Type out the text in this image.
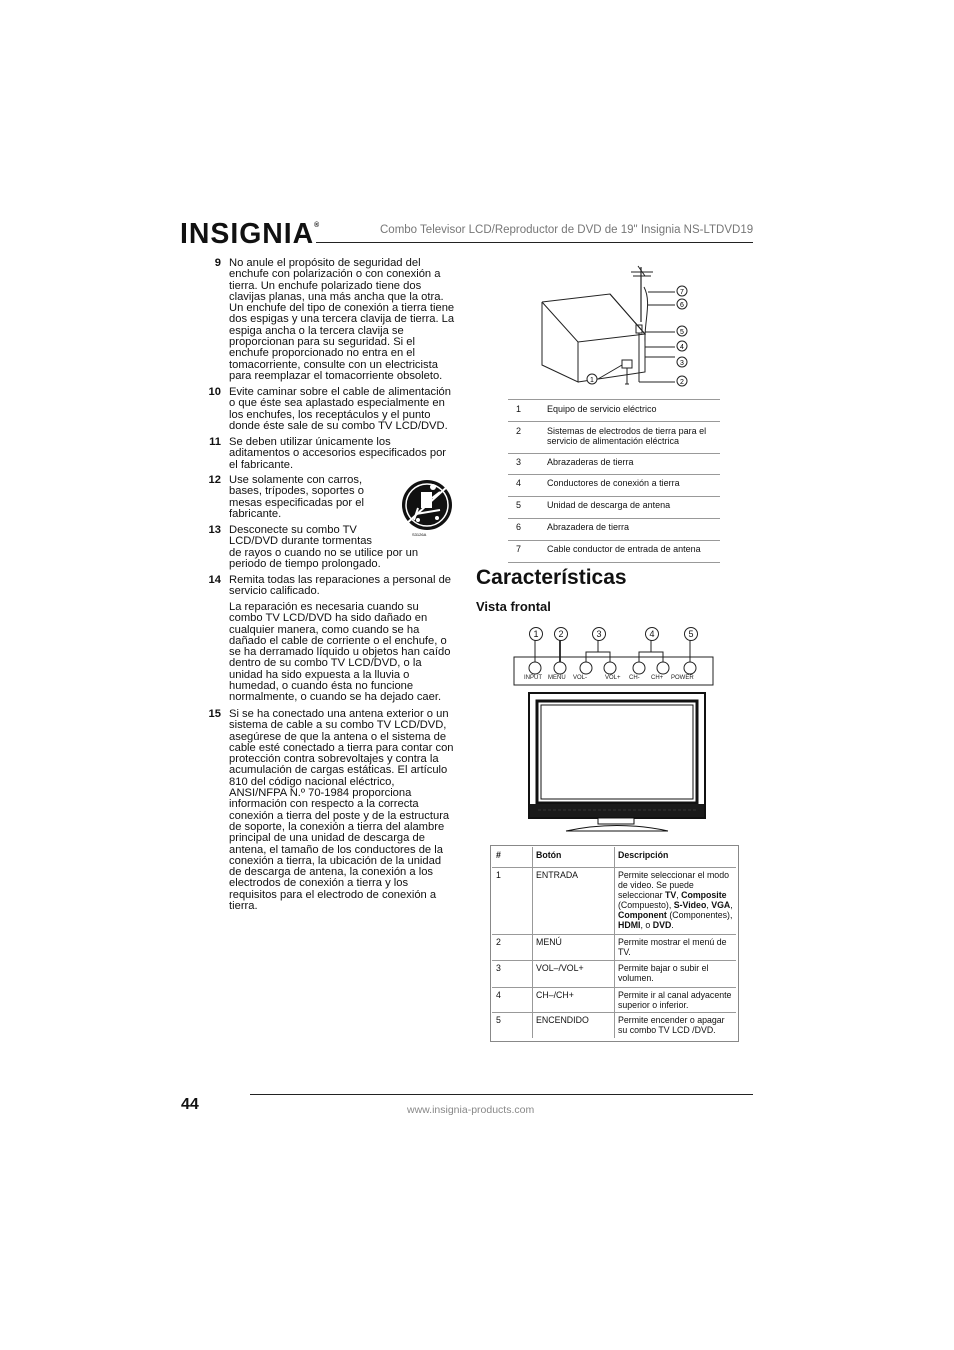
INSIGNIA®	Combo Televisor LCD/Reproductor de DVD de 19" Insignia NS-LTDVD19
9 No anule el propósito de seguridad del
enchufe con polarización o con conexión a
tierra. Un enchufe polarizado tiene dos
clavijas planas, una más ancha que la otra.
Un enchufe del tipo de conexión a tierra tiene
dos espigas y una tercera clavija de tierra. La
espiga ancha o la tercera clavija se
proporcionan para su seguridad. Si el
enchufe proporcionado no entra en el
tomacorriente, consulte con un electricista
para reemplazar el tomacorriente obsoleto.
10 Evite caminar sobre el cable de alimentación
o que éste sea aplastado especialmente en
los enchufes, los receptáculos y el punto
donde éste sale de su combo TV LCD/DVD.
11 Se deben utilizar únicamente los
aditamentos o accesorios especificados por
el fabricante.
12 Use solamente con carros,
bases, trípodes, soportes o
mesas especificadas por el
fabricante.
13 Desconecte su combo TV
LCD/DVD durante tormentas
de rayos o cuando no se utilice por un
periodo de tiempo prolongado.
14 Remita todas las reparaciones a personal de
servicio calificado.
15 Si se ha conectado una antena exterior o un
sistema de cable a su combo TV LCD/DVD,
asegúrese de que la antena o el sistema de
cable esté conectado a tierra para contar con
protección contra sobrevoltajes y contra la
acumulación de cargas estáticas. El artículo
810 del código nacional eléctrico,
ANSI/NFPA N.º 70-1984 proporciona
información con respecto a la correcta
conexión a tierra del poste y de la estructura
de soporte, la conexión a tierra del alambre
principal de una unidad de descarga de
antena, el tamaño de los conductores de la
conexión a tierra, la ubicación de la unidad
de descarga de antena, la conexión a los
electrodos de conexión a tierra y los
requisitos para el electrodo de conexión a
tierra.
La reparación es necesaria cuando su
combo TV LCD/DVD ha sido dañado en
cualquier manera, como cuando se ha
dañado el cable de corriente o el enchufe, o
se ha derramado líquido u objetos han caído
dentro de su combo TV LCD/DVD, o la
unidad ha sido expuesta a la lluvia o
humedad, o cuando ésta no funcione
normalmente, o cuando se ha dejado caer.
S3126A
1	2
3
4
5
6
7
1	Equipo de servicio eléctrico
2	Sistemas de electrodos de tierra para el servicio de alimentación eléctrica
3	Abrazaderas de tierra
4	Conductores de conexión a tierra
5	Unidad de descarga de antena
6	Abrazadera de tierra
7	Cable conductor de entrada de antena
Características
Vista frontal
1	2	3	4	5
INPUT MENU VOL-	VOL+ CH- CH+ POWER
#	Botón	Descripción
1	ENTRADA	Permite seleccionar el modo de video. Se puede seleccionar TV, Composite (Compuesto), S-Video, VGA, Component (Componentes), HDMI, o DVD.
2	MENÚ	Permite mostrar el menú de TV.
3	VOL–/VOL+	Permite bajar o subir el volumen.
4	CH–/CH+	Permite ir al canal adyacente superior o inferior.
5	ENCENDIDO	Permite encender o apagar su combo TV LCD /DVD.
44	www.insignia-products.com
